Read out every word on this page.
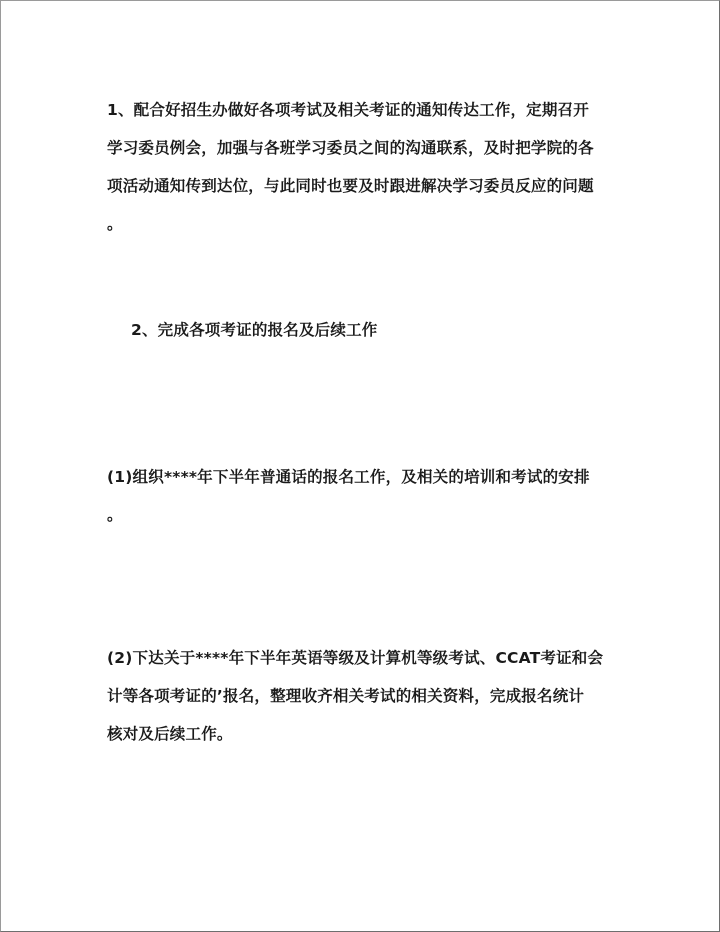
1、配合好招生办做好各项考试及相关考证的通知传达工作，定期召开
学习委员例会，加强与各班学习委员之间的沟通联系，及时把学院的各
项活动通知传到达位，与此同时也要及时跟进解决学习委员反应的问题
。

2、完成各项考证的报名及后续工作

(1)组织****年下半年普通话的报名工作，及相关的培训和考试的安排
。

(2)下达关于****年下半年英语等级及计算机等级考试、CCAT考证和会
计等各项考证的’报名，整理收齐相关考试的相关资料，完成报名统计
核对及后续工作。
